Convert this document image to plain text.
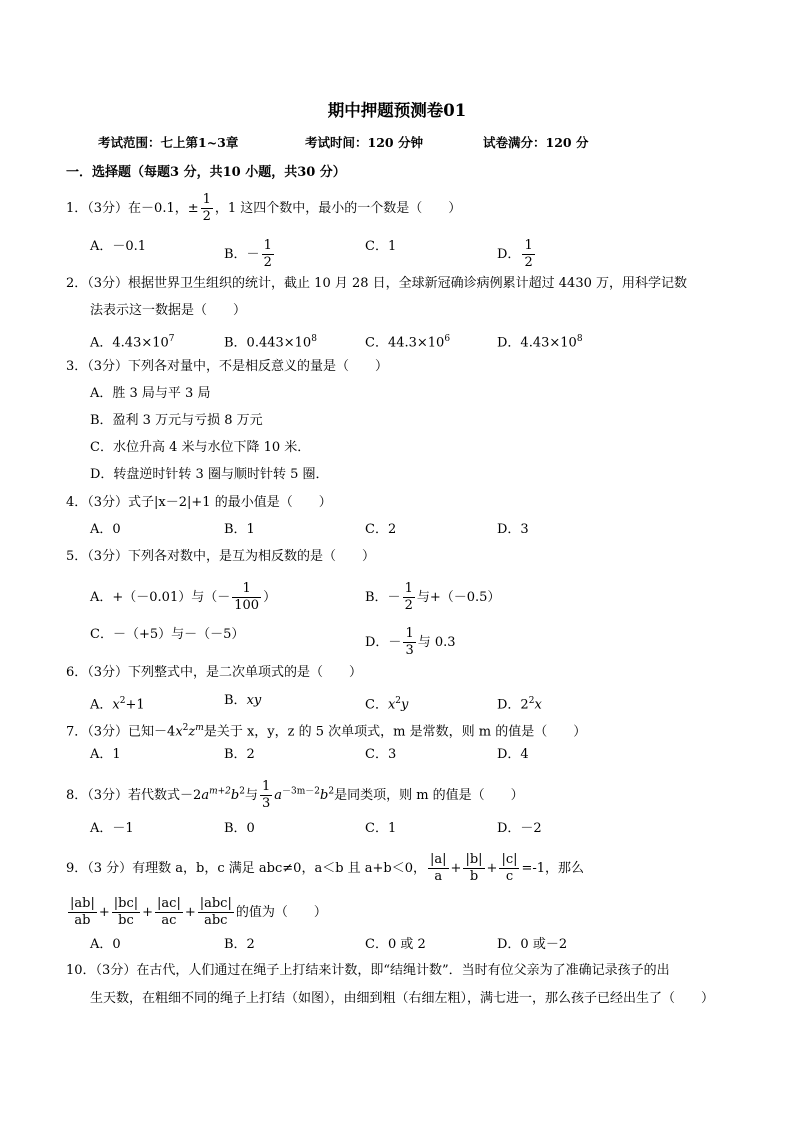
期中押题预测卷01
考试范围：七上第1~3章	考试时间：120 分钟	试卷满分：120 分
一．选择题（每题3 分，共10 小题，共30 分）
1．（3分）在－0.1，± $\frac{1}{2}$ ，1 这四个数中，最小的一个数是（　　）
A．－0.1
B．－ $\frac{1}{2}$	C．1
D． $\frac{1}{2}$
2．（3分）根据世界卫生组织的统计，截止 10 月 28 日，全球新冠确诊病例累计超过 4430 万，用科学记数
法表示这一数据是（　　）
A．$4.43\times 10^7$	B．$0.443\times 10^8$	C．$44.3\times 10^6$	D．$4.43\times 10^8$
3．（3分）下列各对量中，不是相反意义的量是（　　）
A．胜 3 局与平 3 局
B．盈利 3 万元与亏损 8 万元
C．水位升高 4 米与水位下降 10 米．
D．转盘逆时针转 3 圈与顺时针转 5 圈．
4．（3分）式子|x－2|+1 的最小值是（　　）
A．0	B．1	C．2	D．3
5．（3分）下列各对数中，是互为相反数的是（　　）
A．+（－0.01）与（－ $\frac{1}{100}$ ）	B．－ $\frac{1}{2}$ 与+（－0.5）
C．－（+5）与－（－5）
D．－ $\frac{1}{3}$ 与 0.3
6．（3分）下列整式中，是二次单项式的是（　　）
A．$x^2+1$	B．xy	C．$x^2y$	D．$2^2x$
7．（3分）已知$-4x^2z^m$是关于 x，y，z 的 5 次单项式，m 是常数，则 m 的值是（　　）
A．1	B．2	C．3	D．4
8．（3分）若代数式$-2a^{m+2}b^2$与 $\frac{1}{3} a^{-3m-2}b^2$是同类项，则 m 的值是（　　）
A．－1	B．0	C．1	D．－2
9．（3 分）有理数 a，b，c 满足 abc≠0，a＜b 且 a+b＜0， $\frac{|a|}{a} + \frac{|b|}{b} + \frac{|c|}{c} =-1$，那么
$\frac{|ab|}{ab} + \frac{|bc|}{bc} + \frac{|ac|}{ac} + \frac{\text{|abc|}}{\text{abc}}$ 的值为（　　）
A．0	B．2	C．0 或 2	D．0 或－2
10．（3分）在古代，人们通过在绳子上打结来计数，即“结绳计数”．当时有位父亲为了准确记录孩子的出
生天数，在粗细不同的绳子上打结（如图），由细到粗（右细左粗），满七进一，那么孩子已经出生了（　　）
